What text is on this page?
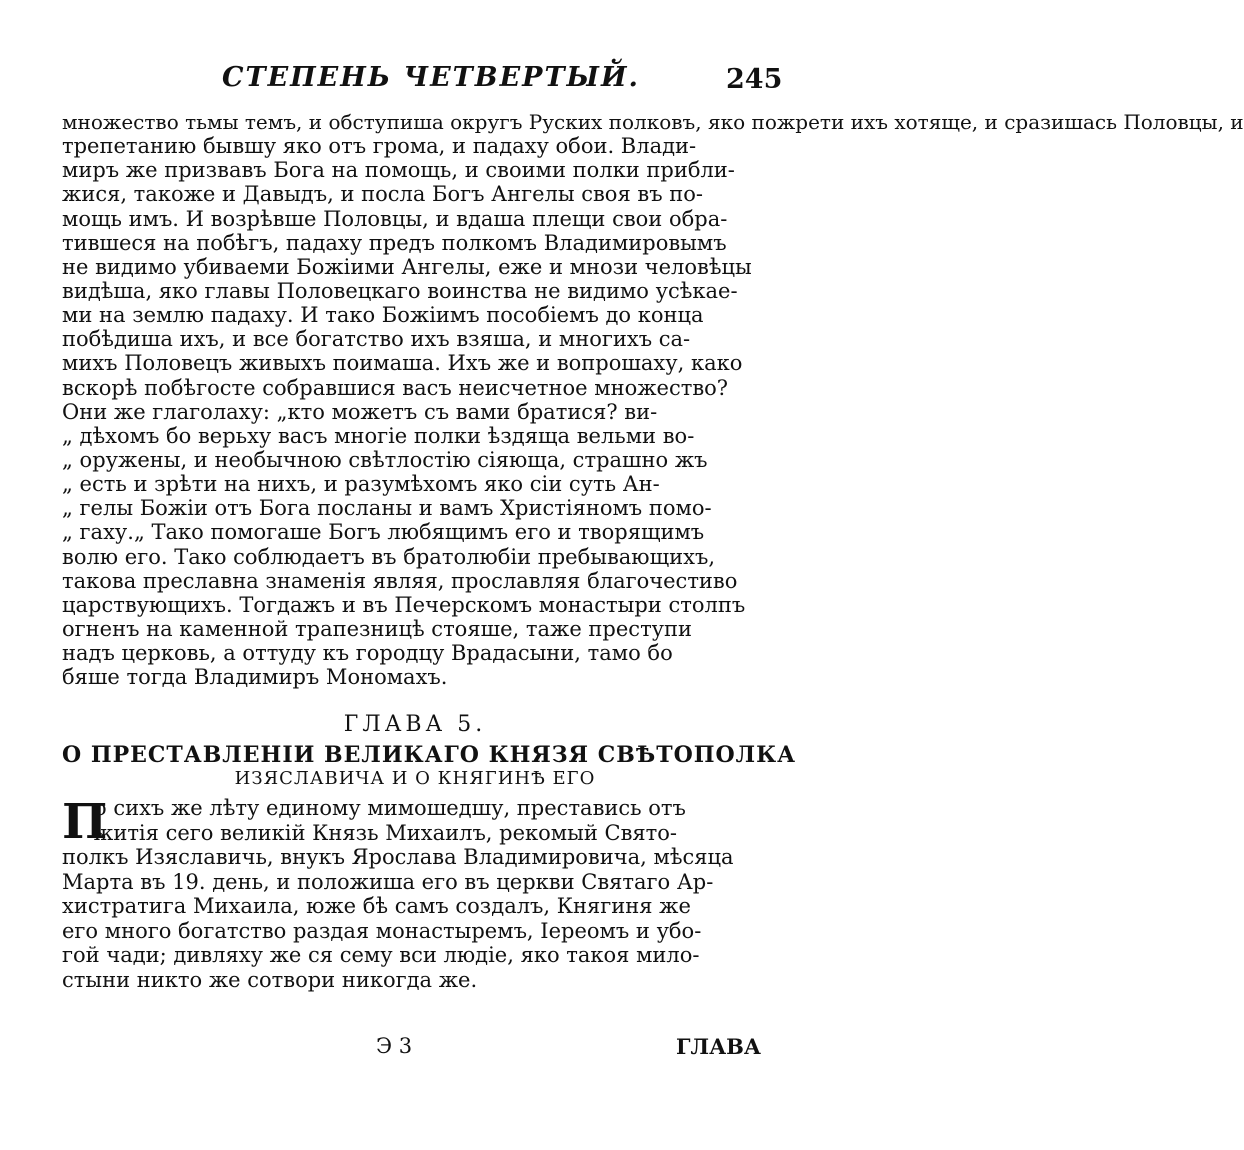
СТЕПЕНЬ ЧЕТВЕРТЫЙ.	245
множество тьмы темъ, и обступиша округъ Руских полковъ, яко пожрети ихъ хотяще, и сразишась Половцы, и
трепетанию бывшу яко отъ грома, и падаху обои. Влади-
миръ же призвавъ Бога на помощь, и своими полки прибли-
жися, такоже и Давыдъ, и посла Богъ Ангелы своя въ по-
мощь имъ. И возрѣвше Половцы, и вдаша плещи свои обра-
тившеся на побѣгъ, падаху предъ полкомъ Владимировымъ
не видимо убиваеми Божіими Ангелы, еже и мнози человѣцы
видѣша, яко главы Половецкаго воинства не видимо усѣкае-
ми на землю падаху. И тако Божіимъ пособіемъ до конца
побѣдиша ихъ, и все богатство ихъ взяша, и многихъ са-
михъ Половецъ живыхъ поимаша. Ихъ же и вопрошаху, како
вскорѣ побѣгосте собравшися васъ неисчетное множество?
Они же глаголаху: „кто можетъ съ вами братися? ви-
„ дѣхомъ бо верьху васъ многіе полки ѣздяща вельми во-
„ оружены, и необычною свѣтлостію сіяюща, страшно жъ
„ есть и зрѣти на нихъ, и разумѣхомъ яко сіи суть Ан-
„ гелы Божіи отъ Бога посланы и вамъ Христіяномъ помо-
„ гаху.„ Тако помогаше Богъ любящимъ его и творящимъ
волю его. Тако соблюдаетъ въ братолюбіи пребывающихъ,
такова преславна знаменія являя, прославляя благочестиво
царствующихъ. Тогдажъ и въ Печерскомъ монастыри столпъ
огненъ на каменной трапезницѣ стояше, таже преступи
надъ церковь, а оттуду къ городцу Врадасыни, тамо бо
бяше тогда Владимиръ Мономахъ.
ГЛАВА 5.
О ПРЕСТАВЛЕНІИ ВЕЛИКАГО КНЯЗЯ СВѢТОПОЛКА
ИЗЯСЛАВИЧА И О КНЯГИНѢ ЕГО
П
о сихъ же лѣту единому мимошедшу, преставись отъ
житія сего великій Князь Михаилъ, рекомый Свято-
полкъ Изяславичь, внукъ Ярослава Владимировича, мѣсяца
Марта въ 19. день, и положиша его въ церкви Святагo Ар-
хистратига Михаила, юже бѣ самъ создалъ, Княгиня же
его много богатство раздая монастыремъ, Іереомъ и убо-
гой чади; дивляху же ся сему вси людіе, яко такоя мило-
стыни никто же сотвори никогда же.
Э 3	ГЛАВА
